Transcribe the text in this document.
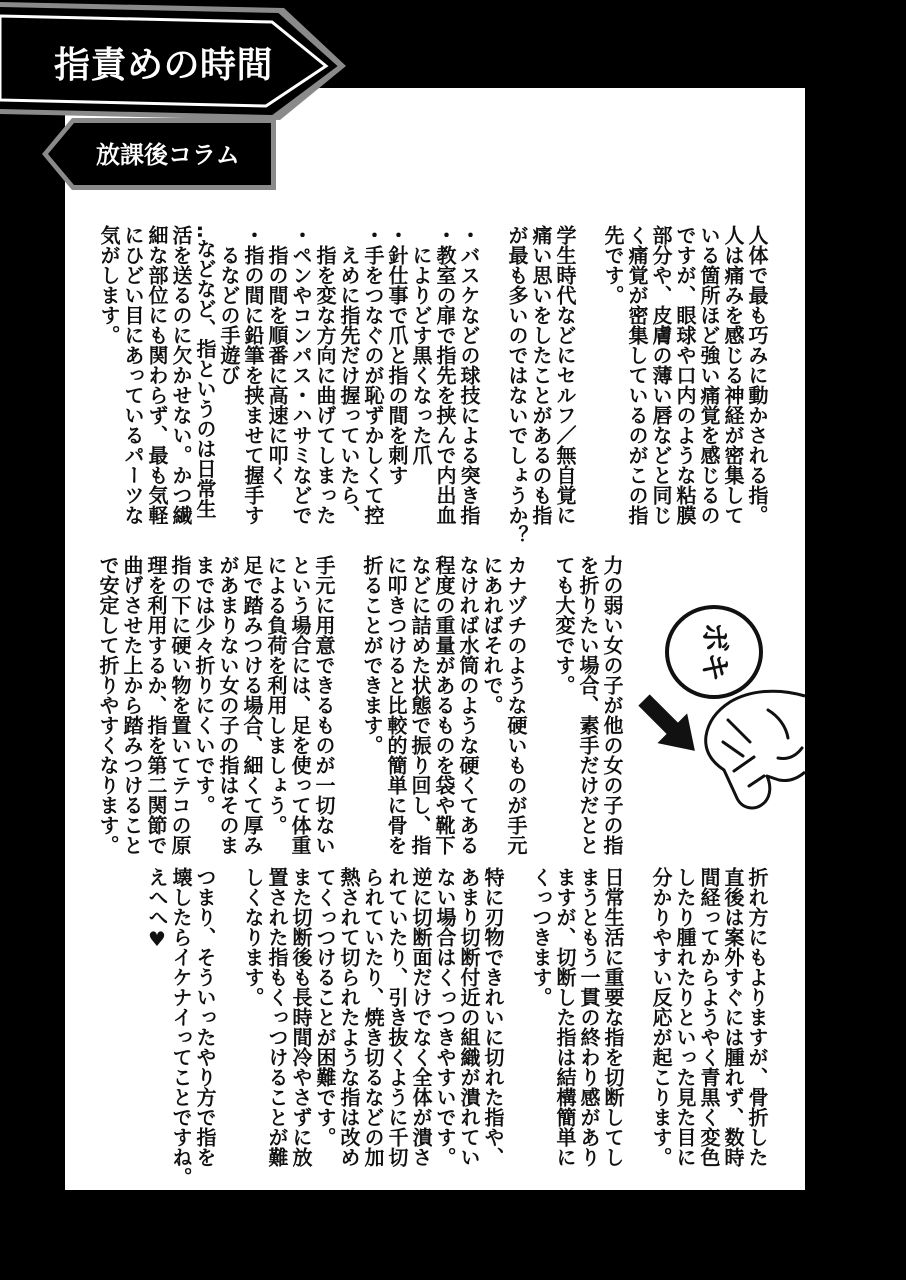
指責めの時間
放課後コラム
人体で最も巧みに動かされる指。
人は痛みを感じる神経が密集して
いる箇所ほど強い痛覚を感じるの
ですが、眼球や口内のような粘膜
部分や、皮膚の薄い唇などと同じ
く痛覚が密集しているのがこの指
先です。
学生時代などにセルフ／無自覚に
痛い思いをしたことがあるのも指
が最も多いのではないでしょうか？
・バスケなどの球技による突き指
・教室の扉で指先を挟んで内出血
によりどす黒くなった爪
・針仕事で爪と指の間を刺す
・手をつなぐのが恥ずかしくて控
えめに指先だけ握っていたら、
指を変な方向に曲げてしまった
・ペンやコンパス・ハサミなどで
指の間を順番に高速に叩く
・指の間に鉛筆を挟ませて握手す
るなどの手遊び
‥などなど、指というのは日常生
活を送るのに欠かせない。かつ繊
細な部位にも関わらず、最も気軽
にひどい目にあっているパーツな
気がします。
力の弱い女の子が他の女の子の指
を折りたい場合、素手だけだとと
ても大変です。
カナヅチのような硬いものが手元
にあればそれで。
なければ水筒のような硬くてある
程度の重量があるものを袋や靴下
などに詰めた状態で振り回し、指
に叩きつけると比較的簡単に骨を
折ることができます。
手元に用意できるものが一切ない
という場合には、足を使って体重
による負荷を利用しましょう。
足で踏みつける場合、細くて厚み
があまりない女の子の指はそのま
までは少々折りにくいです。
指の下に硬い物を置いてテコの原
理を利用するか、指を第二関節で
曲げさせた上から踏みつけること
で安定して折りやすくなります。
折れ方にもよりますが、骨折した
直後は案外すぐには腫れず、数時
間経ってからようやく青黒く変色
したり腫れたりといった見た目に
分かりやすい反応が起こります。
日常生活に重要な指を切断してし
まうともう一貫の終わり感があり
ますが、切断した指は結構簡単に
くっつきます。
特に刃物できれいに切れた指や、
あまり切断付近の組織が潰れてい
ない場合はくっつきやすいです。
逆に切断面だけでなく全体が潰さ
れていたり、引き抜くように千切
られていたり、焼き切るなどの加
熱されて切られたような指は改め
てくっつけることが困難です。
また切断後も長時間冷やさずに放
置された指もくっつけることが難
しくなります。
つまり、そういったやり方で指を
壊したらイケナイってことですね。
えへへ♥
ボキ
